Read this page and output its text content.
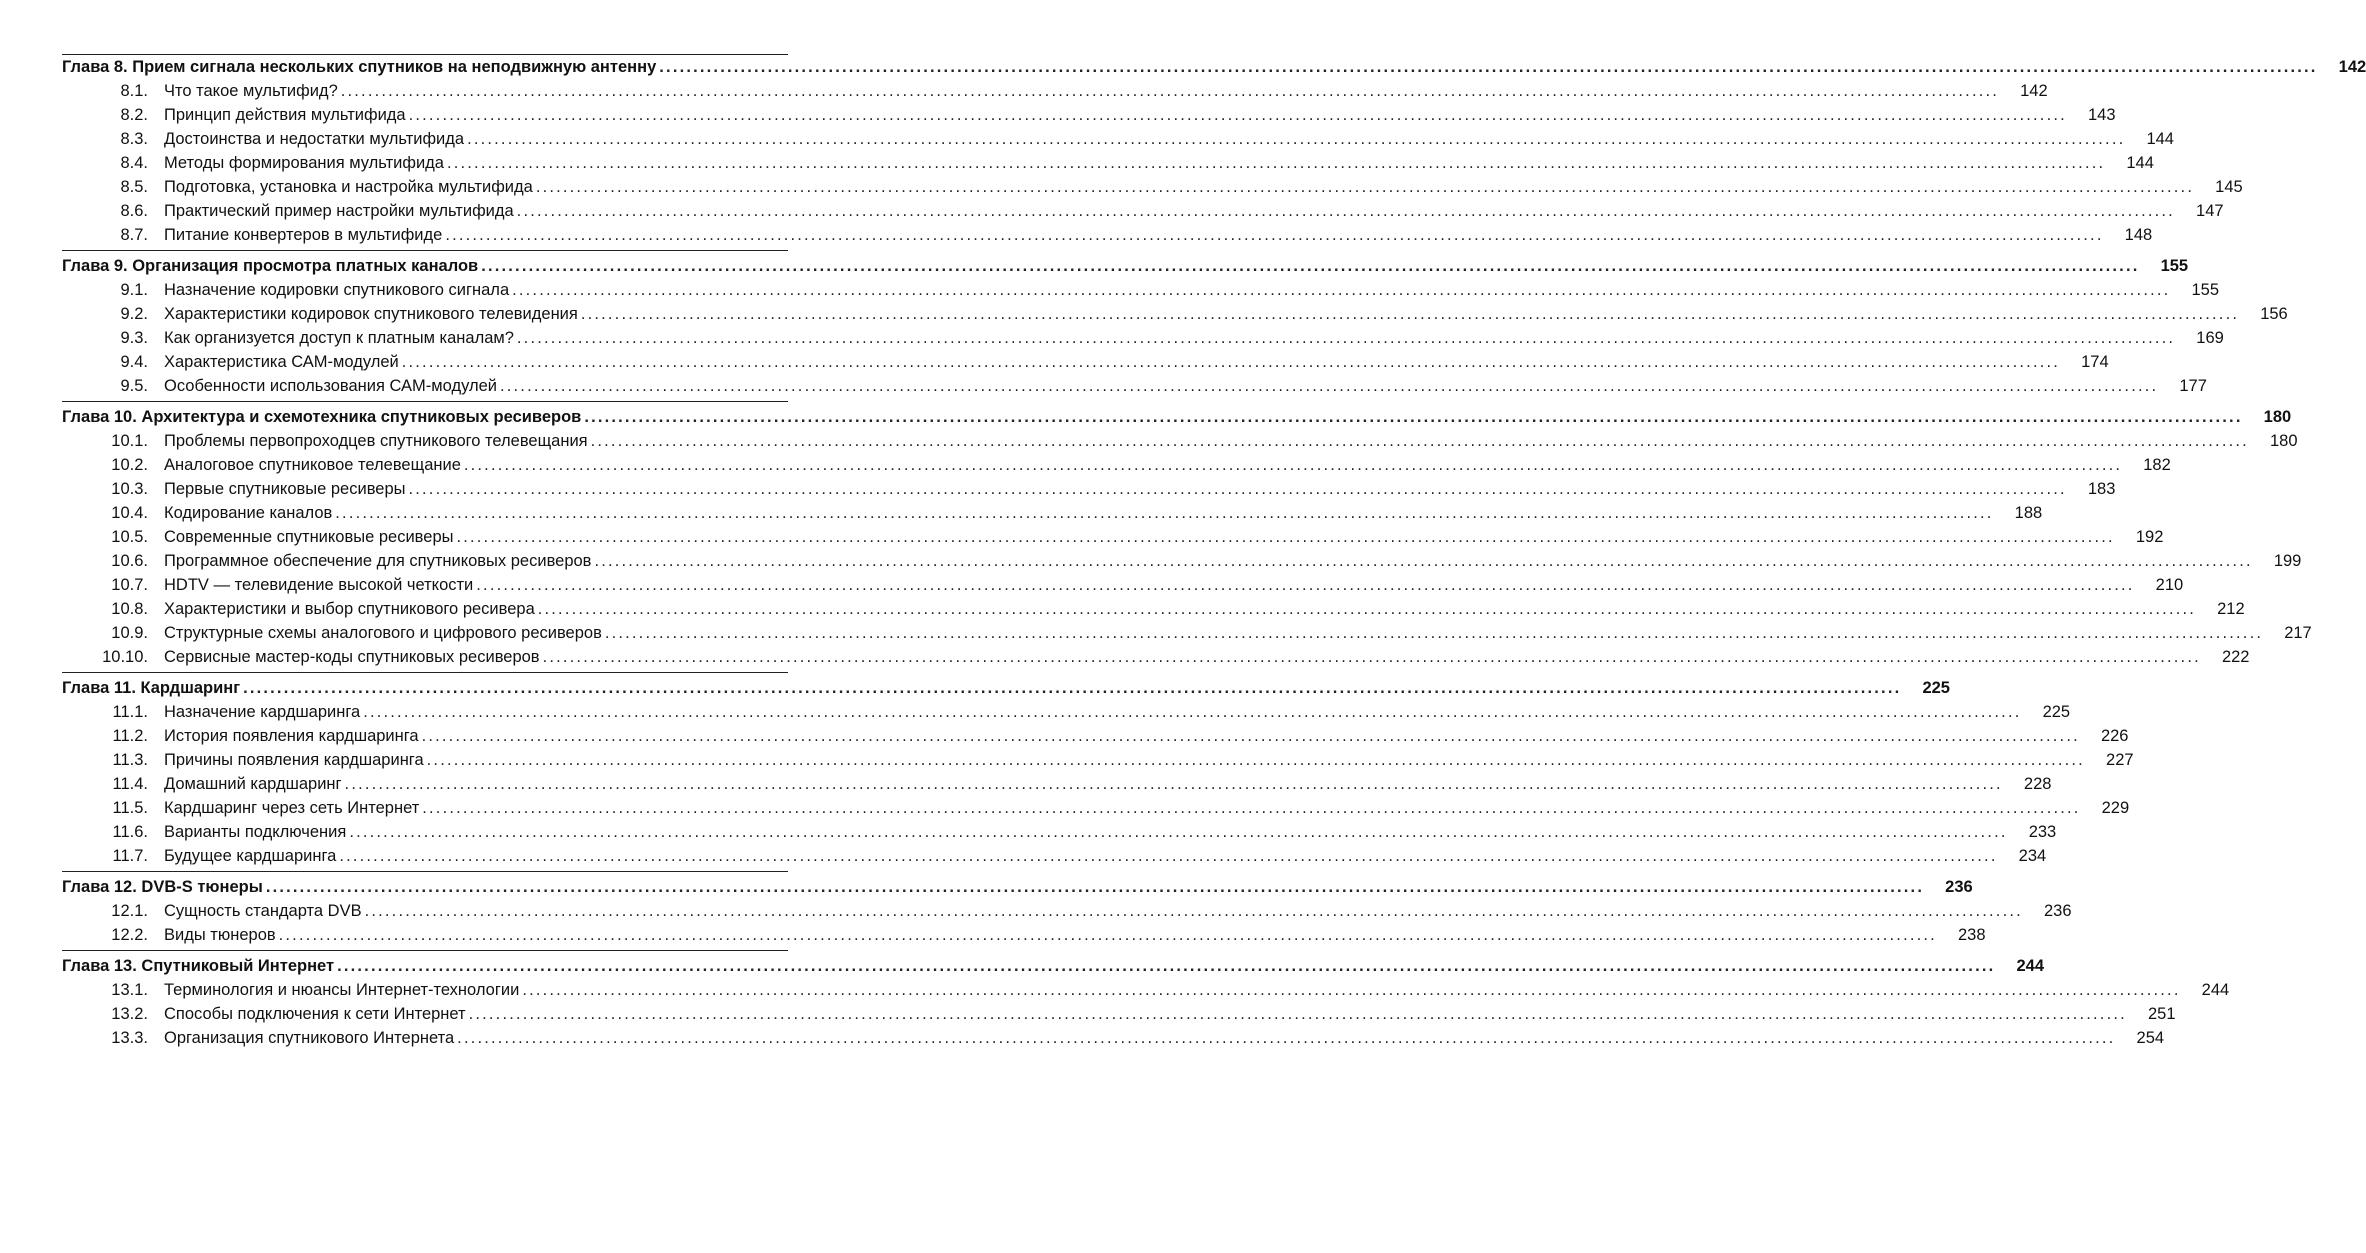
Глава 8. Прием сигнала нескольких спутников на неподвижную антенну . . .	142
8.1. Что такое мультифид? . . .	142
8.2. Принцип действия мультифида . . .	143
8.3. Достоинства и недостатки мультифида . . .	144
8.4. Методы формирования мультифида . . .	144
8.5. Подготовка, установка и настройка мультифида . . .	145
8.6. Практический пример настройки мультифида . . .	147
8.7. Питание конвертеров в мультифиде . . .	148
Глава 9. Организация просмотра платных каналов . . .	155
9.1. Назначение кодировки спутникового сигнала . . .	155
9.2. Характеристики кодировок спутникового телевидения . . .	156
9.3. Как организуется доступ к платным каналам? . . .	169
9.4. Характеристика САМ-модулей . . .	174
9.5. Особенности использования САМ-модулей . . .	177
Глава 10. Архитектура и схемотехника спутниковых ресиверов . . .	180
10.1. Проблемы первопроходцев спутникового телевещания . . .	180
10.2. Аналоговое спутниковое телевещание . . .	182
10.3. Первые спутниковые ресиверы . . .	183
10.4. Кодирование каналов . . .	188
10.5. Современные спутниковые ресиверы . . .	192
10.6. Программное обеспечение для спутниковых ресиверов . . .	199
10.7. HDTV — телевидение высокой четкости . . .	210
10.8. Характеристики и выбор спутникового ресивера . . .	212
10.9. Структурные схемы аналогового и цифрового ресиверов . . .	217
10.10. Сервисные мастер-коды спутниковых ресиверов . . .	222
Глава 11. Кардшаринг . . .	225
11.1. Назначение кардшаринга . . .	225
11.2. История появления кардшаринга . . .	226
11.3. Причины появления кардшаринга . . .	227
11.4. Домашний кардшаринг . . .	228
11.5. Кардшаринг через сеть Интернет . . .	229
11.6. Варианты подключения . . .	233
11.7. Будущее кардшаринга . . .	234
Глава 12. DVB-S тюнеры . . .	236
12.1. Сущность стандарта DVB . . .	236
12.2. Виды тюнеров . . .	238
Глава 13. Спутниковый Интернет . . .	244
13.1. Терминология и нюансы Интернет-технологии . . .	244
13.2. Способы подключения к сети Интернет . . .	251
13.3. Организация спутникового Интернета . . .	254
